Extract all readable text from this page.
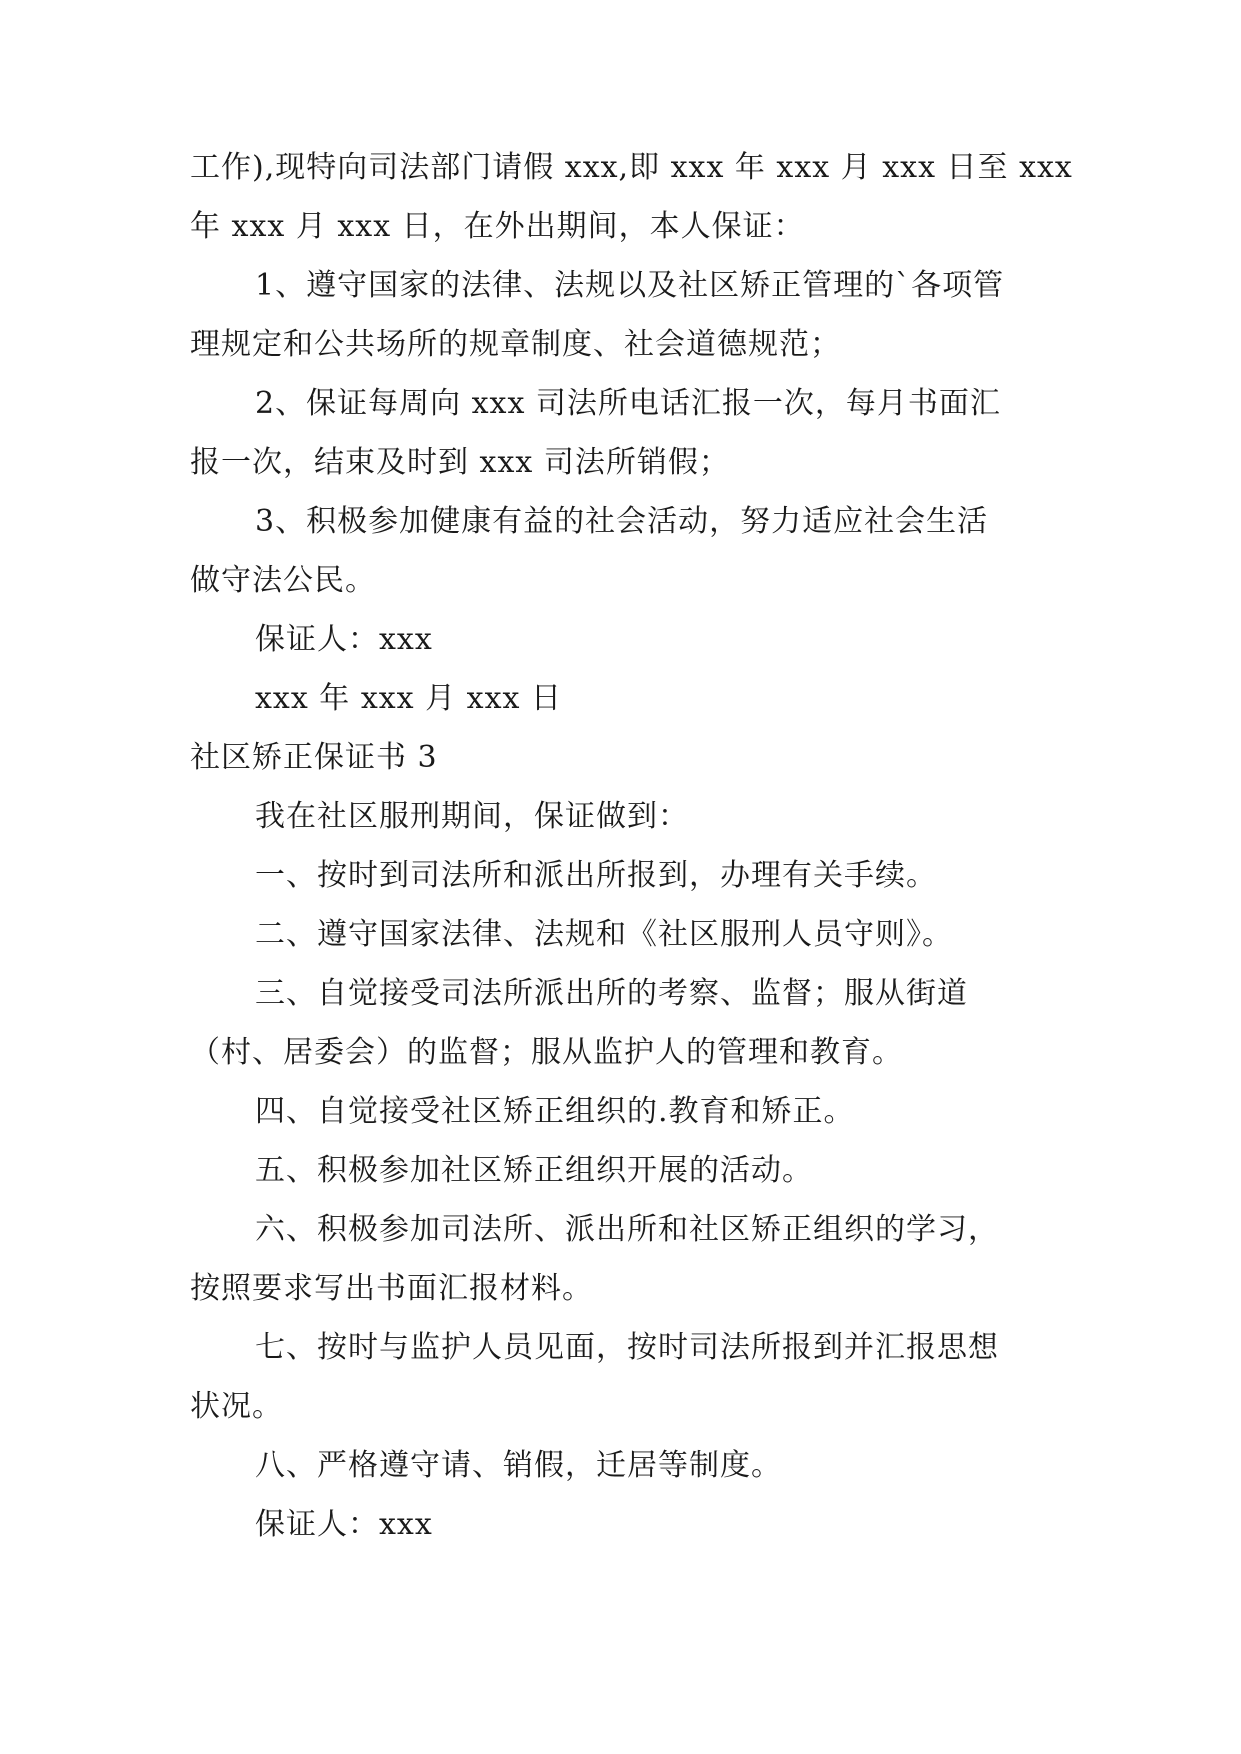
工作),现特向司法部门请假 xxx,即 xxx 年 xxx 月 xxx 日至 xxx
年 xxx 月 xxx 日，在外出期间，本人保证：
1、遵守国家的法律、法规以及社区矫正管理的`各项管
理规定和公共场所的规章制度、社会道德规范；
2、保证每周向 xxx 司法所电话汇报一次，每月书面汇
报一次，结束及时到 xxx 司法所销假；
3、积极参加健康有益的社会活动，努力适应社会生活
做守法公民。
保证人：xxx
xxx 年 xxx 月 xxx 日
社区矫正保证书 3
我在社区服刑期间，保证做到：
一、按时到司法所和派出所报到，办理有关手续。
二、遵守国家法律、法规和《社区服刑人员守则》。
三、自觉接受司法所派出所的考察、监督；服从街道
（村、居委会）的监督；服从监护人的管理和教育。
四、自觉接受社区矫正组织的.教育和矫正。
五、积极参加社区矫正组织开展的活动。
六、积极参加司法所、派出所和社区矫正组织的学习，
按照要求写出书面汇报材料。
七、按时与监护人员见面，按时司法所报到并汇报思想
状况。
八、严格遵守请、销假，迁居等制度。
保证人：xxx
